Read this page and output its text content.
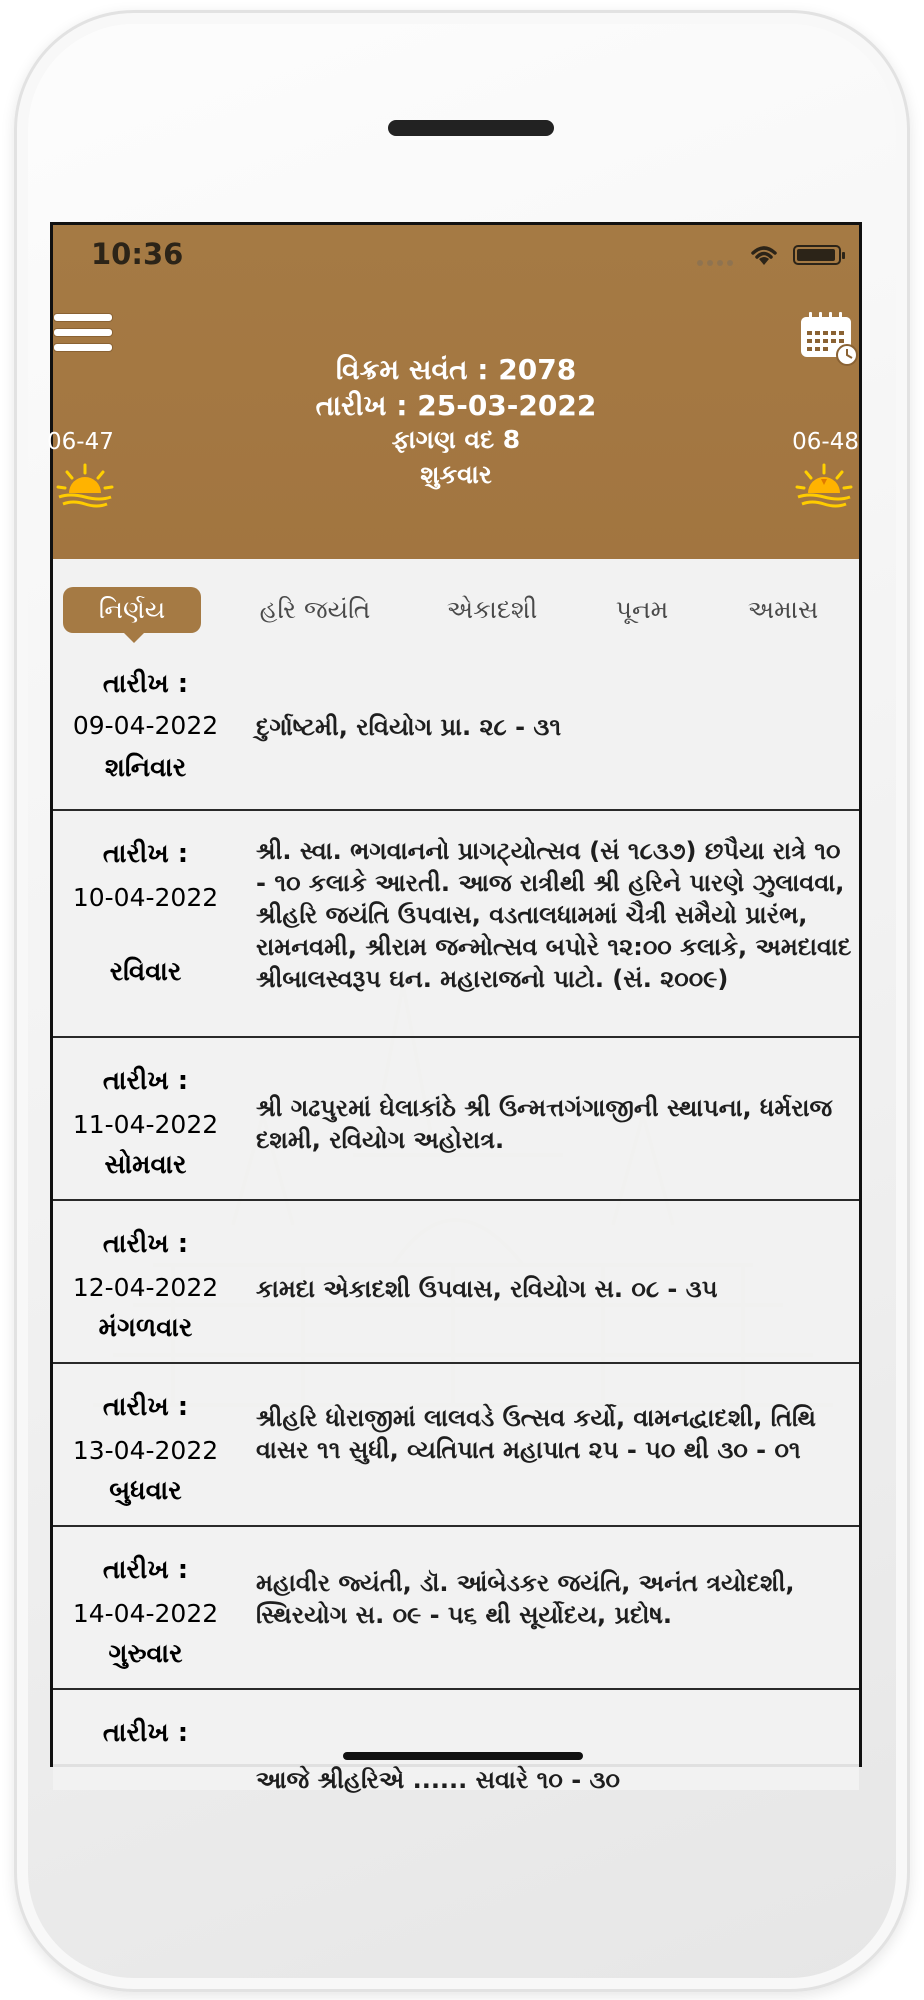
10:36
વિક્રમ સવંત : 2078
તારીખ : 25-03-2022
ફાગણ વદ 8
શુકવાર
06-47	06-48
નિર્ણય	હરિ જયંતિ	એકાદશી	પૂનમ	અમાસ
તારીખ :
09-04-2022
શનિવાર
દુર્ગાષ્ટમી, રવિયોગ પ્રા. ૨૮ - ૩૧
તારીખ :
10-04-2022
રવિવાર
શ્રી. સ્વા. ભગવાનનો પ્રાગટ્યોત્સવ (સં ૧૮૩૭) છપૈયા રાત્રે ૧૦ - ૧૦ કલાકે આરતી. આજ રાત્રીથી શ્રી હરિને પારણે ઝુલાવવા, શ્રીહરિ જયંતિ ઉપવાસ, વડતાલધામમાં ચૈત્રી સમૈયો પ્રારંભ, રામનવમી, શ્રીરામ જન્મોત્સવ બપોરે ૧૨:૦૦ કલાકે, અમદાવાદ શ્રીબાલસ્વરૂપ ઘન. મહારાજનો પાટો. (સં. ૨૦૦૯)
તારીખ :
11-04-2022
સોમવાર
શ્રી ગઢપુરમાં ઘેલાકાંઠે શ્રી ઉન્મત્તગંગાજીની સ્થાપના, ધર્મરાજ દશમી, રવિયોગ અહોરાત્ર.
તારીખ :
12-04-2022
મંગળવાર
કામદા એકાદશી ઉપવાસ, રવિયોગ સ. ૦૮ - ૩૫
તારીખ :
13-04-2022
બુધવાર
શ્રીહરિ ધોરાજીમાં લાલવડે ઉત્સવ કર્યો, વામનદ્વાદશી, તિથિ વાસર ૧૧ સુધી, વ્યતિપાત મહાપાત ૨૫ - ૫૦ થી ૩૦ - ૦૧
તારીખ :
14-04-2022
ગુરુવાર
મહાવીર જ્યંતી, ડૉ. આંબેડકર જયંતિ, અનંત ત્રયોદશી, સ્થિરયોગ સ. ૦૯ - ૫૬ થી સૂર્યોદય, પ્રદોષ.
તારીખ :
આજે શ્રીહરિએ ...... સવારે ૧૦ - ૩૦
